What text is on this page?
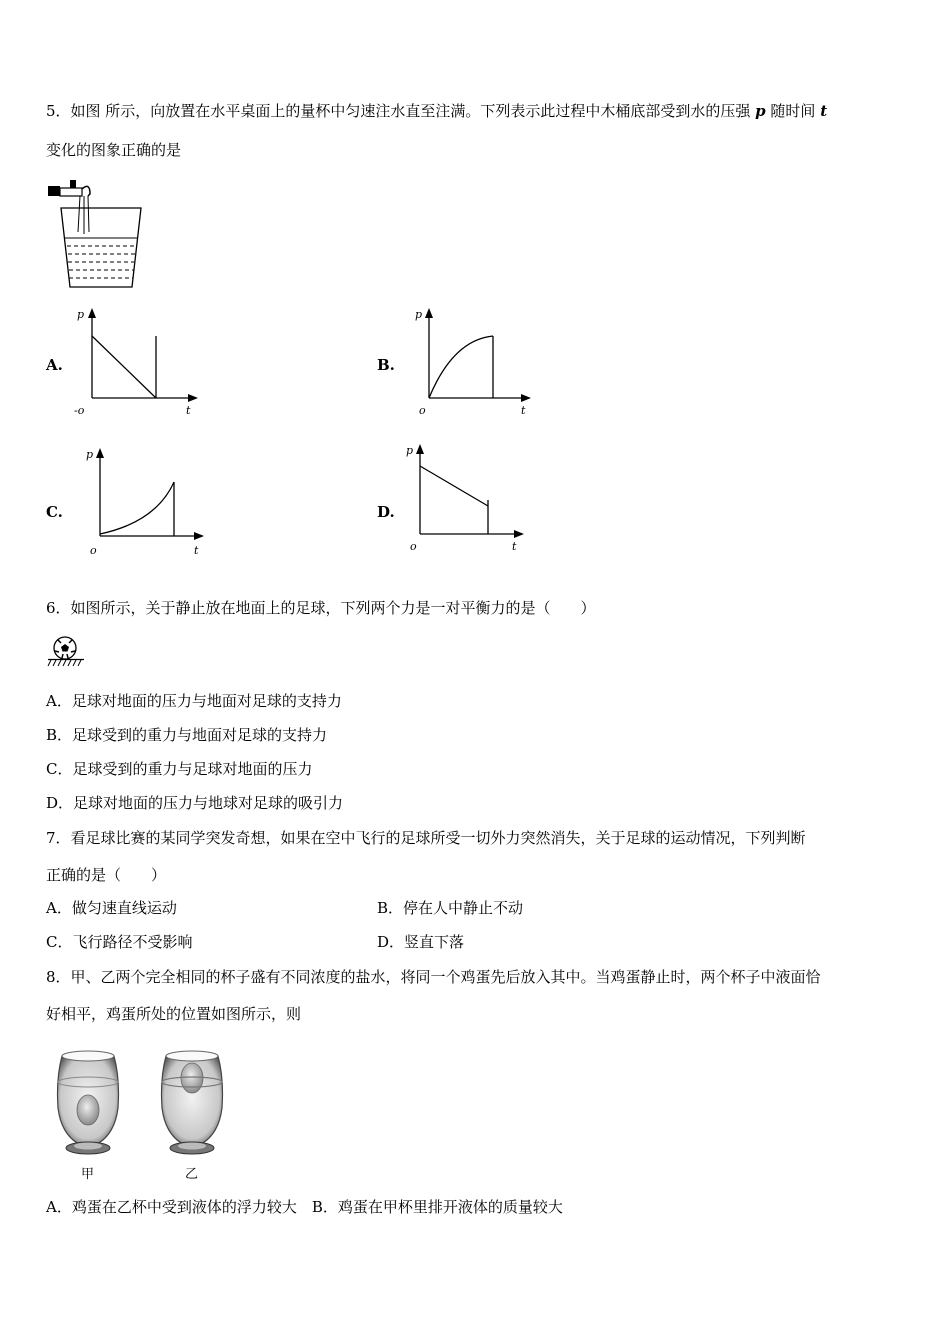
5．如图 所示，向放置在水平桌面上的量杯中匀速注水直至注满。下列表示此过程中木桶底部受到水的压强 p 随时间 t
变化的图象正确的是
A.
p
t
-o
B.
p
t
o
C.
p
t
o
D.
p
t
o
6．如图所示，关于静止放在地面上的足球，下列两个力是一对平衡力的是（　　）
A．足球对地面的压力与地面对足球的支持力
B．足球受到的重力与地面对足球的支持力
C．足球受到的重力与足球对地面的压力
D．足球对地面的压力与地球对足球的吸引力
7．看足球比赛的某同学突发奇想，如果在空中飞行的足球所受一切外力突然消失，关于足球的运动情况，下列判断
正确的是（　　）
A．做匀速直线运动	B．停在人中静止不动
C．飞行路径不受影响	D．竖直下落
8．甲、乙两个完全相同的杯子盛有不同浓度的盐水，将同一个鸡蛋先后放入其中。当鸡蛋静止时，两个杯子中液面恰
好相平，鸡蛋所处的位置如图所示，则
甲	乙
A．鸡蛋在乙杯中受到液体的浮力较大　B．鸡蛋在甲杯里排开液体的质量较大
